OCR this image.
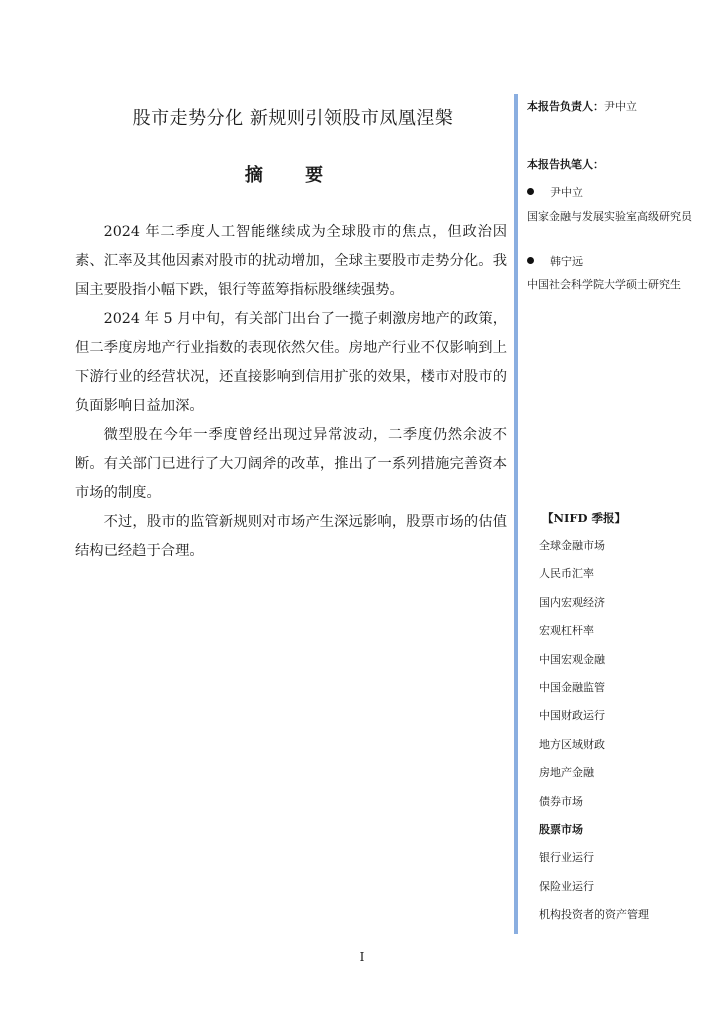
股市走势分化 新规则引领股市凤凰涅槃
摘 要

2024 年二季度人工智能继续成为全球股市的焦点，但政治因素、汇率及其他因素对股市的扰动增加，全球主要股市走势分化。我国主要股指小幅下跌，银行等蓝筹指标股继续强势。

2024 年 5 月中旬，有关部门出台了一揽子刺激房地产的政策，但二季度房地产行业指数的表现依然欠佳。房地产行业不仅影响到上下游行业的经营状况，还直接影响到信用扩张的效果，楼市对股市的负面影响日益加深。

微型股在今年一季度曾经出现过异常波动，二季度仍然余波不断。有关部门已进行了大刀阔斧的改革，推出了一系列措施完善资本市场的制度。

不过，股市的监管新规则对市场产生深远影响，股票市场的估值结构已经趋于合理。

本报告负责人：尹中立
本报告执笔人：
尹中立
国家金融与发展实验室高级研究员
韩宁远
中国社会科学院大学硕士研究生
【NIFD 季报】
全球金融市场
人民币汇率
国内宏观经济
宏观杠杆率
中国宏观金融
中国金融监管
中国财政运行
地方区域财政
房地产金融
债券市场
股票市场
银行业运行
保险业运行
机构投资者的资产管理
I
